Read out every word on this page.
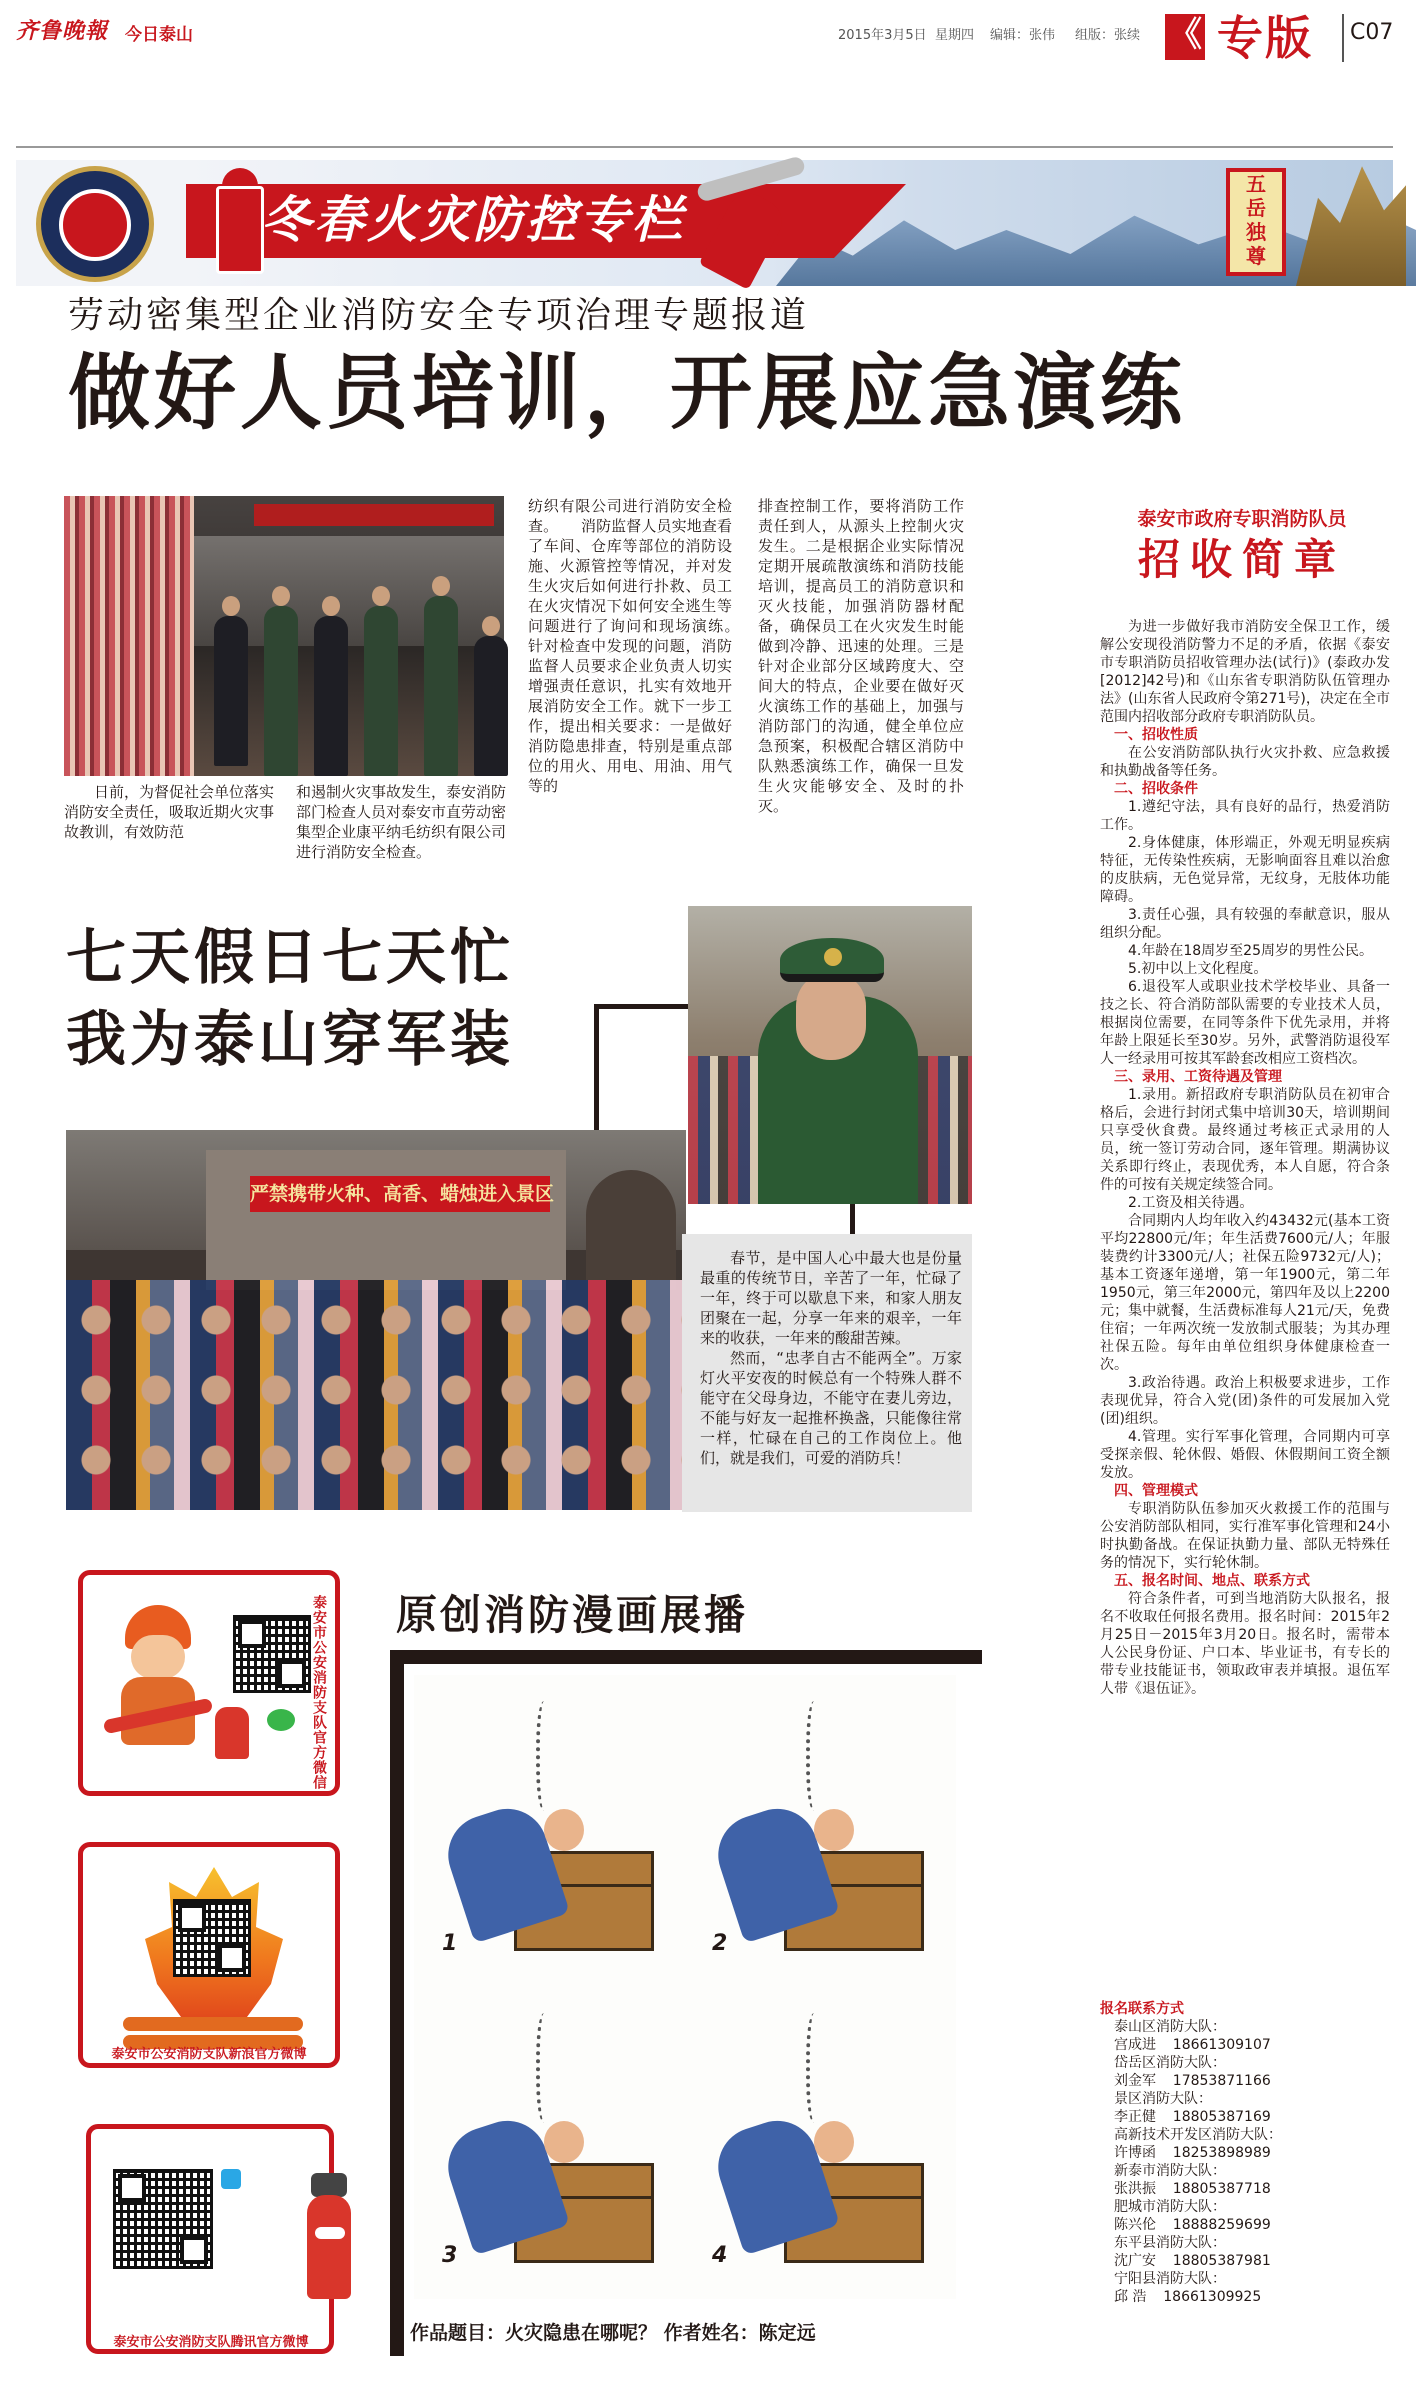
齐鲁晚報 今日泰山	2015年3月5日 星期四 编辑：张伟 组版：张续 《 专版 C07
冬春火灾防控专栏
五
岳
独
尊
劳动密集型企业消防安全专项治理专题报道
做好人员培训，开展应急演练
　　日前，为督促社会单位落实消防安全责任，吸取近期火灾事故教训，有效防范
和遏制火灾事故发生，泰安消防部门检查人员对泰安市直劳动密集型企业康平纳毛纺织有限公司进行消防安全检查。
纺织有限公司进行消防安全检查。　　消防监督人员实地查看了车间、仓库等部位的消防设施、火源管控等情况，并对发生火灾后如何进行扑救、员工在火灾情况下如何安全逃生等问题进行了询问和现场演练。　　针对检查中发现的问题，消防监督人员要求企业负责人切实增强责任意识，扎实有效地开展消防安全工作。就下一步工作，提出相关要求：一是做好消防隐患排查，特别是重点部位的用火、用电、用油、用气等的
排查控制工作，要将消防工作责任到人，从源头上控制火灾发生。二是根据企业实际情况定期开展疏散演练和消防技能培训，提高员工的消防意识和灭火技能，加强消防器材配备，确保员工在火灾发生时能做到冷静、迅速的处理。三是针对企业部分区域跨度大、空间大的特点，企业要在做好灭火演练工作的基础上，加强与消防部门的沟通，健全单位应急预案，积极配合辖区消防中队熟悉演练工作，确保一旦发生火灾能够安全、及时的扑灭。
泰安市政府专职消防队员
招收简章

为进一步做好我市消防安全保卫工作，缓解公安现役消防警力不足的矛盾，依据《泰安市专职消防员招收管理办法(试行)》(泰政办发[2012]42号)和《山东省专职消防队伍管理办法》(山东省人民政府令第271号)，决定在全市范围内招收部分政府专职消防队员。

一、招收性质

在公安消防部队执行火灾扑救、应急救援和执勤战备等任务。

二、招收条件

1.遵纪守法，具有良好的品行，热爱消防工作。

2.身体健康，体形端正，外观无明显疾病特征，无传染性疾病，无影响面容且难以治愈的皮肤病，无色觉异常，无纹身，无肢体功能障碍。

3.责任心强，具有较强的奉献意识，服从组织分配。

4.年龄在18周岁至25周岁的男性公民。

5.初中以上文化程度。

6.退役军人或职业技术学校毕业、具备一技之长、符合消防部队需要的专业技术人员，根据岗位需要，在同等条件下优先录用，并将年龄上限延长至30岁。另外，武警消防退役军人一经录用可按其军龄套改相应工资档次。

三、录用、工资待遇及管理

1.录用。新招政府专职消防队员在初审合格后，会进行封闭式集中培训30天，培训期间只享受伙食费。最终通过考核正式录用的人员，统一签订劳动合同，逐年管理。期满协议关系即行终止，表现优秀，本人自愿，符合条件的可按有关规定续签合同。

2.工资及相关待遇。

合同期内人均年收入约43432元(基本工资平均22800元/年；年生活费7600元/人；年服装费约计3300元/人；社保五险9732元/人)；基本工资逐年递增，第一年1900元，第二年1950元，第三年2000元，第四年及以上2200元；集中就餐，生活费标准每人21元/天，免费住宿；一年两次统一发放制式服装；为其办理社保五险。每年由单位组织身体健康检查一次。

3.政治待遇。政治上积极要求进步，工作表现优异，符合入党(团)条件的可发展加入党(团)组织。

4.管理。实行军事化管理，合同期内可享受探亲假、轮休假、婚假、休假期间工资全额发放。

四、管理模式

专职消防队伍参加灭火救援工作的范围与公安消防部队相同，实行准军事化管理和24小时执勤备战。在保证执勤力量、部队无特殊任务的情况下，实行轮休制。

五、报名时间、地点、联系方式

符合条件者，可到当地消防大队报名，报名不收取任何报名费用。报名时间：2015年2月25日－2015年3月20日。报名时，需带本人公民身份证、户口本、毕业证书，有专长的带专业技能证书，领取政审表并填报。退伍军人带《退伍证》。

报名联系方式
泰山区消防大队：
宫成进 18661309107
岱岳区消防大队：
刘金军 17853871166
景区消防大队：
李正健 18805387169
高新技术开发区消防大队：
许博函 18253898989
新泰市消防大队：
张洪振 18805387718
肥城市消防大队：
陈兴伦 18888259699
东平县消防大队：
沈广安 18805387981
宁阳县消防大队：
邱 浩 18661309925
七天假日七天忙
我为泰山穿军装
严禁携带火种、高香、蜡烛进入景区

春节，是中国人心中最大也是份量最重的传统节日，辛苦了一年，忙碌了一年，终于可以歇息下来，和家人朋友团聚在一起，分享一年来的艰辛，一年来的收获，一年来的酸甜苦辣。

然而，“忠孝自古不能两全”。万家灯火平安夜的时候总有一个特殊人群不能守在父母身边，不能守在妻儿旁边，不能与好友一起推杯换盏，只能像往常一样，忙碌在自己的工作岗位上。他们，就是我们，可爱的消防兵！

泰安市公安消防支队官方微信
泰安市公安消防支队新浪官方微博
泰安市公安消防支队腾讯官方微博
原创消防漫画展播
1	2
3	4
作品题目：火灾隐患在哪呢？ 作者姓名：陈定远
